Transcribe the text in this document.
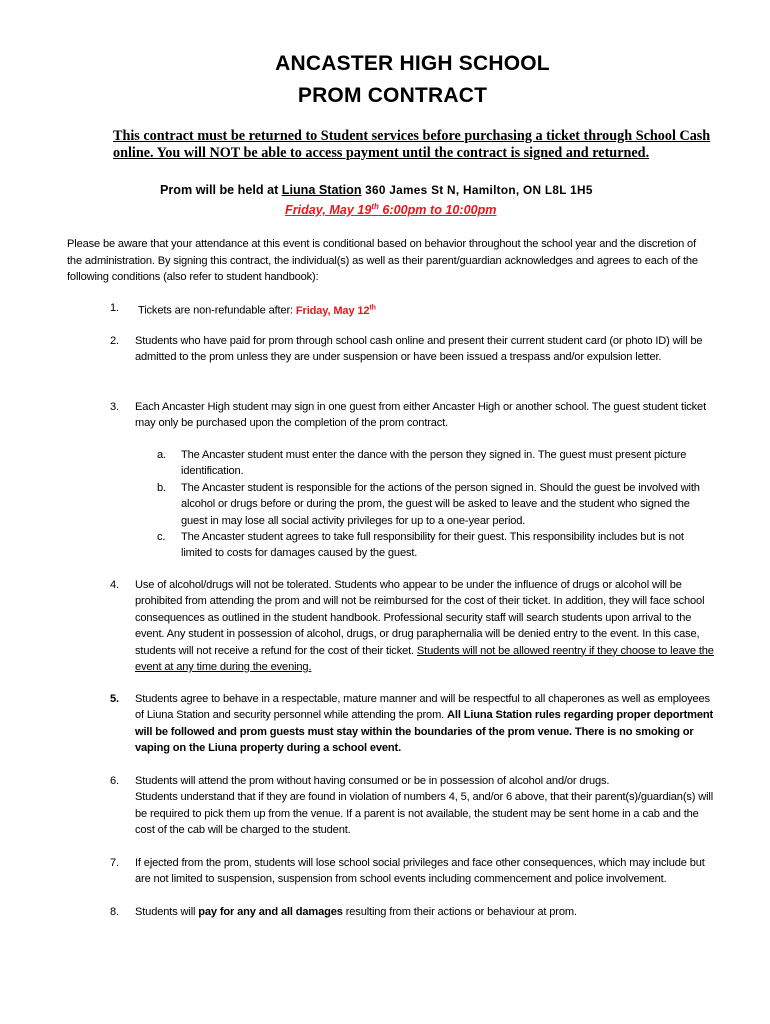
ANCASTER HIGH SCHOOL
PROM CONTRACT
This contract must be returned to Student services before purchasing a ticket through School Cash online. You will NOT be able to access payment until the contract is signed and returned.
Prom will be held at Liuna Station 360 James St N, Hamilton, ON L8L 1H5
Friday, May 19th 6:00pm to 10:00pm
Please be aware that your attendance at this event is conditional based on behavior throughout the school year and the discretion of the administration. By signing this contract, the individual(s) as well as their parent/guardian acknowledges and agrees to each of the following conditions (also refer to student handbook):
1.	Tickets are non-refundable after: Friday, May 12th
2.	Students who have paid for prom through school cash online and present their current student card (or photo ID) will be admitted to the prom unless they are under suspension or have been issued a trespass and/or expulsion letter.
3.	Each Ancaster High student may sign in one guest from either Ancaster High or another school. The guest student ticket may only be purchased upon the completion of the prom contract.
a.	The Ancaster student must enter the dance with the person they signed in. The guest must present picture identification.
b.	The Ancaster student is responsible for the actions of the person signed in. Should the guest be involved with alcohol or drugs before or during the prom, the guest will be asked to leave and the student who signed the guest in may lose all social activity privileges for up to a one-year period.
c.	The Ancaster student agrees to take full responsibility for their guest. This responsibility includes but is not limited to costs for damages caused by the guest.
4.	Use of alcohol/drugs will not be tolerated. Students who appear to be under the influence of drugs or alcohol will be prohibited from attending the prom and will not be reimbursed for the cost of their ticket. In addition, they will face school consequences as outlined in the student handbook. Professional security staff will search students upon arrival to the event. Any student in possession of alcohol, drugs, or drug paraphernalia will be denied entry to the event. In this case, students will not receive a refund for the cost of their ticket. Students will not be allowed reentry if they choose to leave the event at any time during the evening.
5.	Students agree to behave in a respectable, mature manner and will be respectful to all chaperones as well as employees of Liuna Station and security personnel while attending the prom. All Liuna Station rules regarding proper deportment will be followed and prom guests must stay within the boundaries of the prom venue. There is no smoking or vaping on the Liuna property during a school event.
6.	Students will attend the prom without having consumed or be in possession of alcohol and/or drugs.
Students understand that if they are found in violation of numbers 4, 5, and/or 6 above, that their parent(s)/guardian(s) will be required to pick them up from the venue. If a parent is not available, the student may be sent home in a cab and the cost of the cab will be charged to the student.
7.	If ejected from the prom, students will lose school social privileges and face other consequences, which may include but are not limited to suspension, suspension from school events including commencement and police involvement.
8.	Students will pay for any and all damages resulting from their actions or behaviour at prom.
